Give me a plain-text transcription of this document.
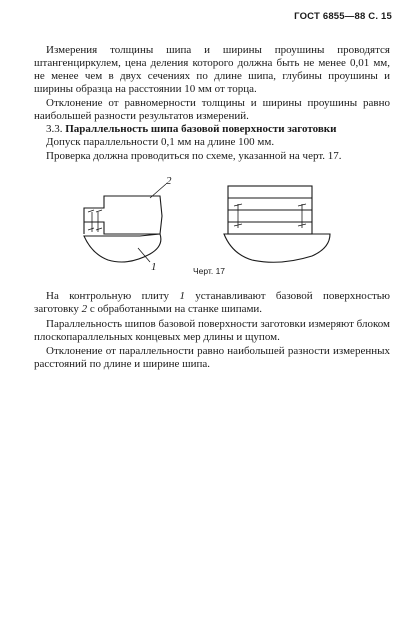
ГОСТ 6855—88 С. 15
Измерения толщины шипа и ширины проушины проводятся штангенциркулем, цена деления которого должна быть не менее 0,01 мм, не менее чем в двух сечениях по длине шипа, глубины проушины и ширины образца на расстоянии 10 мм от торца.
Отклонение от равномерности толщины и ширины проушины равно наибольшей разности результатов измерений.
3.3. Параллельность шипа базовой поверхности заготовки
Допуск параллельности 0,1 мм на длине 100 мм.
Проверка должна проводиться по схеме, указанной на черт. 17.
2
1	Черт. 17
На контрольную плиту 1 устанавливают базовой поверхностью заготовку 2 с обработанными на станке шипами.
Параллельность шипов базовой поверхности заготовки измеряют блоком плоскопараллельных концевых мер длины и щупом.
Отклонение от параллельности равно наибольшей разности измеренных расстояний по длине и ширине шипа.
